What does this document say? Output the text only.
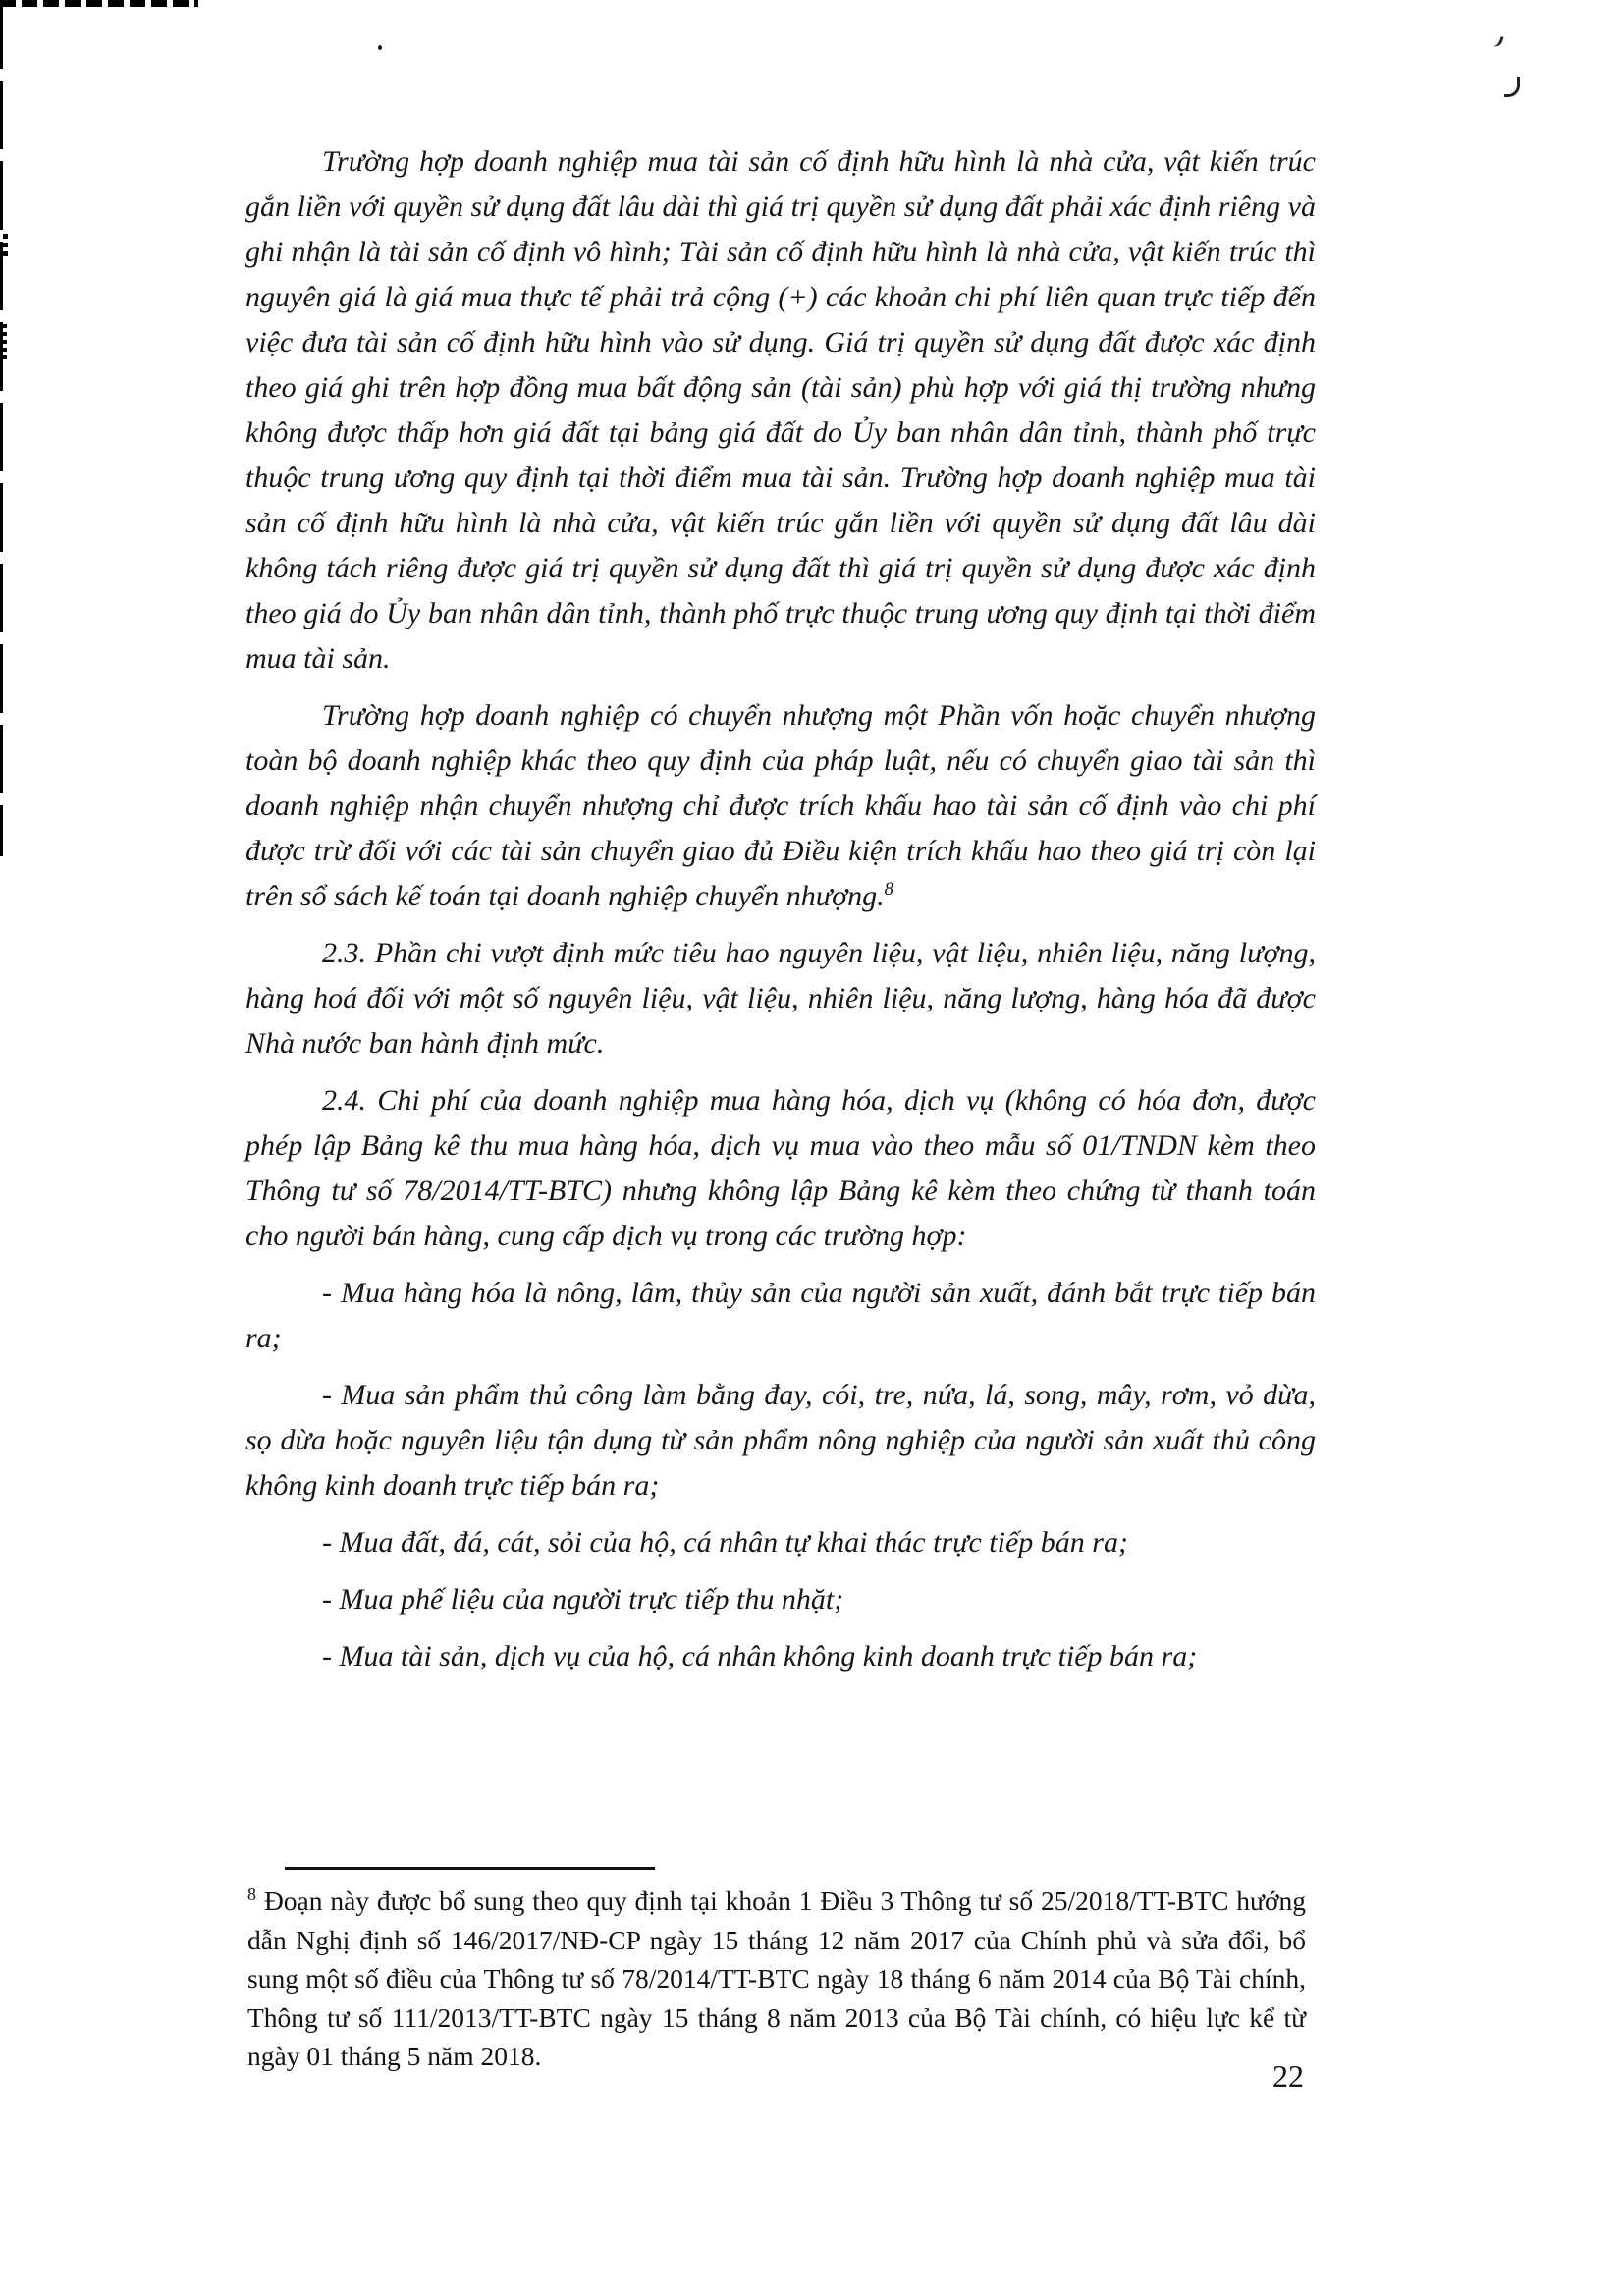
Trường hợp doanh nghiệp mua tài sản cố định hữu hình là nhà cửa, vật kiến trúc gắn liền với quyền sử dụng đất lâu dài thì giá trị quyền sử dụng đất phải xác định riêng và ghi nhận là tài sản cố định vô hình; Tài sản cố định hữu hình là nhà cửa, vật kiến trúc thì nguyên giá là giá mua thực tế phải trả cộng (+) các khoản chi phí liên quan trực tiếp đến việc đưa tài sản cố định hữu hình vào sử dụng. Giá trị quyền sử dụng đất được xác định theo giá ghi trên hợp đồng mua bất động sản (tài sản) phù hợp với giá thị trường nhưng không được thấp hơn giá đất tại bảng giá đất do Ủy ban nhân dân tỉnh, thành phố trực thuộc trung ương quy định tại thời điểm mua tài sản. Trường hợp doanh nghiệp mua tài sản cố định hữu hình là nhà cửa, vật kiến trúc gắn liền với quyền sử dụng đất lâu dài không tách riêng được giá trị quyền sử dụng đất thì giá trị quyền sử dụng được xác định theo giá do Ủy ban nhân dân tỉnh, thành phố trực thuộc trung ương quy định tại thời điểm mua tài sản.

Trường hợp doanh nghiệp có chuyển nhượng một Phần vốn hoặc chuyển nhượng toàn bộ doanh nghiệp khác theo quy định của pháp luật, nếu có chuyển giao tài sản thì doanh nghiệp nhận chuyển nhượng chỉ được trích khấu hao tài sản cố định vào chi phí được trừ đối với các tài sản chuyển giao đủ Điều kiện trích khấu hao theo giá trị còn lại trên sổ sách kế toán tại doanh nghiệp chuyển nhượng.$^8$

2.3. Phần chi vượt định mức tiêu hao nguyên liệu, vật liệu, nhiên liệu, năng lượng, hàng hoá đối với một số nguyên liệu, vật liệu, nhiên liệu, năng lượng, hàng hóa đã được Nhà nước ban hành định mức.

2.4. Chi phí của doanh nghiệp mua hàng hóa, dịch vụ (không có hóa đơn, được phép lập Bảng kê thu mua hàng hóa, dịch vụ mua vào theo mẫu số 01/TNDN kèm theo Thông tư số 78/2014/TT-BTC) nhưng không lập Bảng kê kèm theo chứng từ thanh toán cho người bán hàng, cung cấp dịch vụ trong các trường hợp:

- Mua hàng hóa là nông, lâm, thủy sản của người sản xuất, đánh bắt trực tiếp bán ra;

- Mua sản phẩm thủ công làm bằng đay, cói, tre, nứa, lá, song, mây, rơm, vỏ dừa, sọ dừa hoặc nguyên liệu tận dụng từ sản phẩm nông nghiệp của người sản xuất thủ công không kinh doanh trực tiếp bán ra;

- Mua đất, đá, cát, sỏi của hộ, cá nhân tự khai thác trực tiếp bán ra;

- Mua phế liệu của người trực tiếp thu nhặt;

- Mua tài sản, dịch vụ của hộ, cá nhân không kinh doanh trực tiếp bán ra;

$^8$ Đoạn này được bổ sung theo quy định tại khoản 1 Điều 3 Thông tư số 25/2018/TT-BTC hướng dẫn Nghị định số 146/2017/NĐ-CP ngày 15 tháng 12 năm 2017 của Chính phủ và sửa đổi, bổ sung một số điều của Thông tư số 78/2014/TT-BTC ngày 18 tháng 6 năm 2014 của Bộ Tài chính, Thông tư số 111/2013/TT-BTC ngày 15 tháng 8 năm 2013 của Bộ Tài chính, có hiệu lực kể từ ngày 01 tháng 5 năm 2018.
22
